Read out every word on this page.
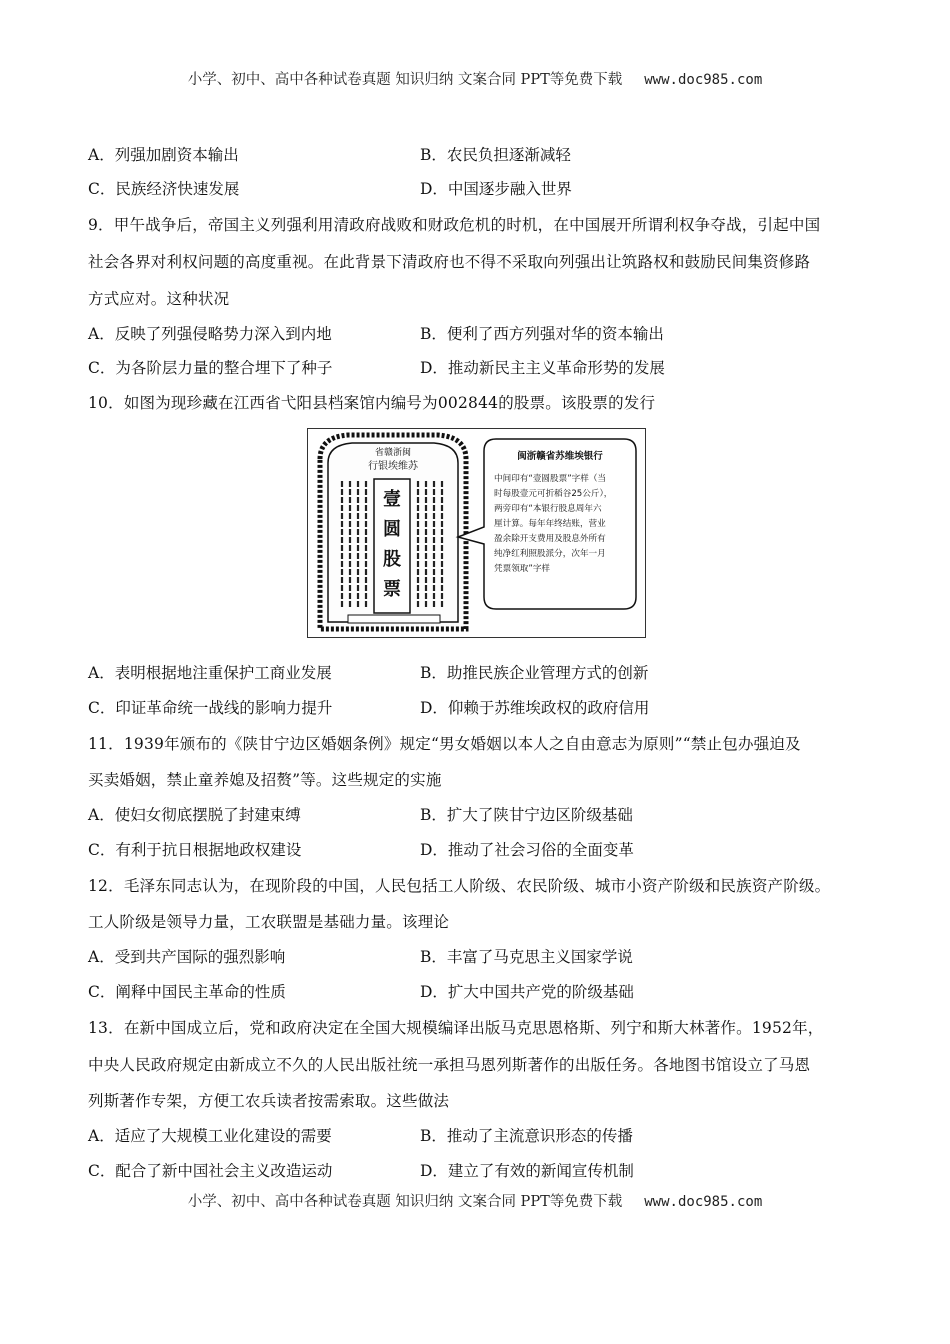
小学、初中、高中各种试卷真题 知识归纳 文案合同 PPT等免费下载 www.doc985.com
A．列强加剧资本输出	B．农民负担逐渐减轻
C．民族经济快速发展	D．中国逐步融入世界
9．甲午战争后，帝国主义列强利用清政府战败和财政危机的时机，在中国展开所谓利权争夺战，引起中国
社会各界对利权问题的高度重视。在此背景下清政府也不得不采取向列强出让筑路权和鼓励民间集资修路
方式应对。这种状况
A．反映了列强侵略势力深入到内地	B．便利了西方列强对华的资本输出
C．为各阶层力量的整合埋下了种子	D．推动新民主主义革命形势的发展
10．如图为现珍藏在江西省弋阳县档案馆内编号为002844的股票。该股票的发行
省赣浙闽
行银埃维苏
壹圆股票
闽浙赣省苏维埃银行
中间印有“壹圆股票”字样（当
时每股壹元可折稻谷25公斤），
两旁印有“本银行股息周年六
厘计算。每年年终结账，营业
盈余除开支费用及股息外所有
纯净红利照股派分，次年一月
凭票领取”字样
A．表明根据地注重保护工商业发展	B．助推民族企业管理方式的创新
C．印证革命统一战线的影响力提升	D．仰赖于苏维埃政权的政府信用
11．1939年颁布的《陕甘宁边区婚姻条例》规定“男女婚姻以本人之自由意志为原则”“禁止包办强迫及
买卖婚姻，禁止童养媳及招赘”等。这些规定的实施
A．使妇女彻底摆脱了封建束缚	B．扩大了陕甘宁边区阶级基础
C．有利于抗日根据地政权建设	D．推动了社会习俗的全面变革
12．毛泽东同志认为，在现阶段的中国，人民包括工人阶级、农民阶级、城市小资产阶级和民族资产阶级。
工人阶级是领导力量，工农联盟是基础力量。该理论
A．受到共产国际的强烈影响	B．丰富了马克思主义国家学说
C．阐释中国民主革命的性质	D．扩大中国共产党的阶级基础
13．在新中国成立后，党和政府决定在全国大规模编译出版马克思恩格斯、列宁和斯大林著作。1952年，
中央人民政府规定由新成立不久的人民出版社统一承担马恩列斯著作的出版任务。各地图书馆设立了马恩
列斯著作专架，方便工农兵读者按需索取。这些做法
A．适应了大规模工业化建设的需要	B．推动了主流意识形态的传播
C．配合了新中国社会主义改造运动	D．建立了有效的新闻宣传机制
小学、初中、高中各种试卷真题 知识归纳 文案合同 PPT等免费下载 www.doc985.com
